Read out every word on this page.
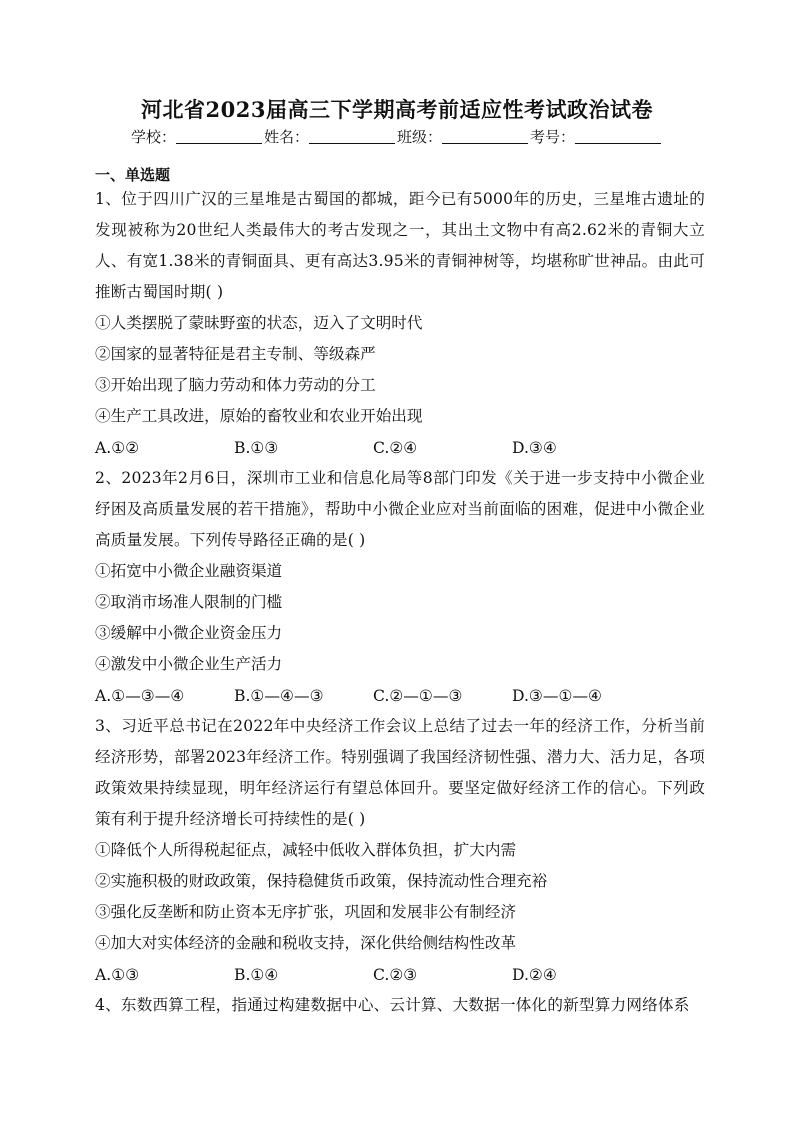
河北省2023届高三下学期高考前适应性考试政治试卷
学校：	姓名：	班级：	考号：
一、单选题

1、位于四川广汉的三星堆是古蜀国的都城，距今已有5000年的历史，三星堆古遗址的发现被称为20世纪人类最伟大的考古发现之一，其出土文物中有高2.62米的青铜大立人、有宽1.38米的青铜面具、更有高达3.95米的青铜神树等，均堪称旷世神品。由此可推断古蜀国时期( )

①人类摆脱了蒙昧野蛮的状态，迈入了文明时代

②国家的显著特征是君主专制、等级森严

③开始出现了脑力劳动和体力劳动的分工

④生产工具改进，原始的畜牧业和农业开始出现

A.①②	B.①③	C.②④	D.③④

2、2023年2月6日，深圳市工业和信息化局等8部门印发《关于进一步支持中小微企业纾困及高质量发展的若干措施》，帮助中小微企业应对当前面临的困难，促进中小微企业高质量发展。下列传导路径正确的是( )

①拓宽中小微企业融资渠道

②取消市场准人限制的门槛

③缓解中小微企业资金压力

④激发中小微企业生产活力

A.①—③—④	B.①—④—③	C.②—①—③	D.③—①—④

3、习近平总书记在2022年中央经济工作会议上总结了过去一年的经济工作，分析当前经济形势，部署2023年经济工作。特别强调了我国经济韧性强、潜力大、活力足，各项政策效果持续显现，明年经济运行有望总体回升。要坚定做好经济工作的信心。下列政策有利于提升经济增长可持续性的是( )

①降低个人所得税起征点，减轻中低收入群体负担，扩大内需

②实施积极的财政政策，保持稳健货币政策，保持流动性合理充裕

③强化反垄断和防止资本无序扩张，巩固和发展非公有制经济

④加大对实体经济的金融和税收支持，深化供给侧结构性改革

A.①③	B.①④	C.②③	D.②④

4、东数西算工程，指通过构建数据中心、云计算、大数据一体化的新型算力网络体系
